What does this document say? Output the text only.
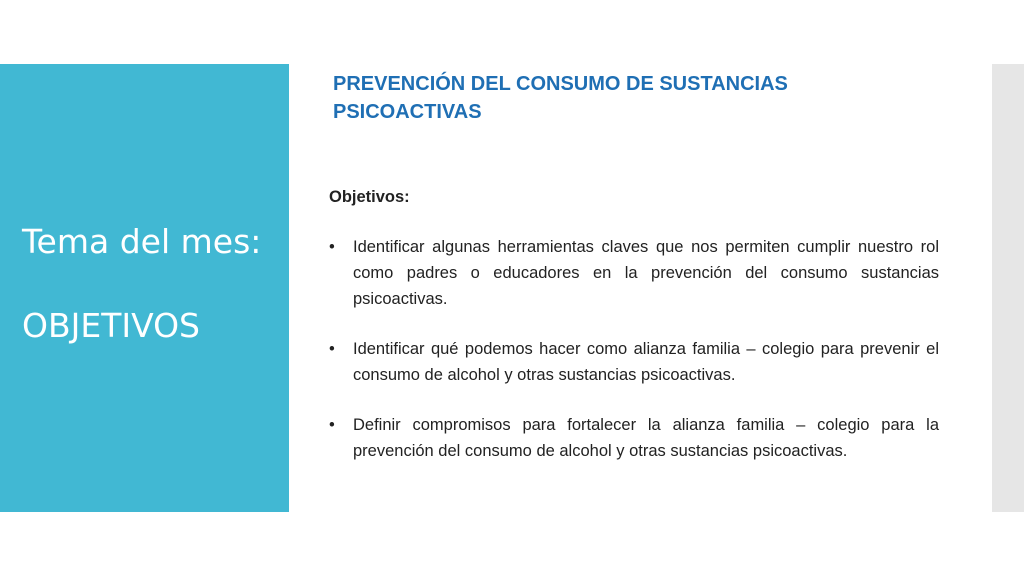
Tema del mes:
OBJETIVOS
PREVENCIÓN DEL CONSUMO DE SUSTANCIAS
PSICOACTIVAS
Objetivos:
• Identificar algunas herramientas claves que nos permiten cumplir nuestro rol como padres o educadores en la prevención del consumo sustancias psicoactivas.
• Identificar qué podemos hacer como alianza familia – colegio para prevenir el consumo de alcohol y otras sustancias psicoactivas.
• Definir compromisos para fortalecer la alianza familia – colegio para la prevención del consumo de alcohol y otras sustancias psicoactivas.
